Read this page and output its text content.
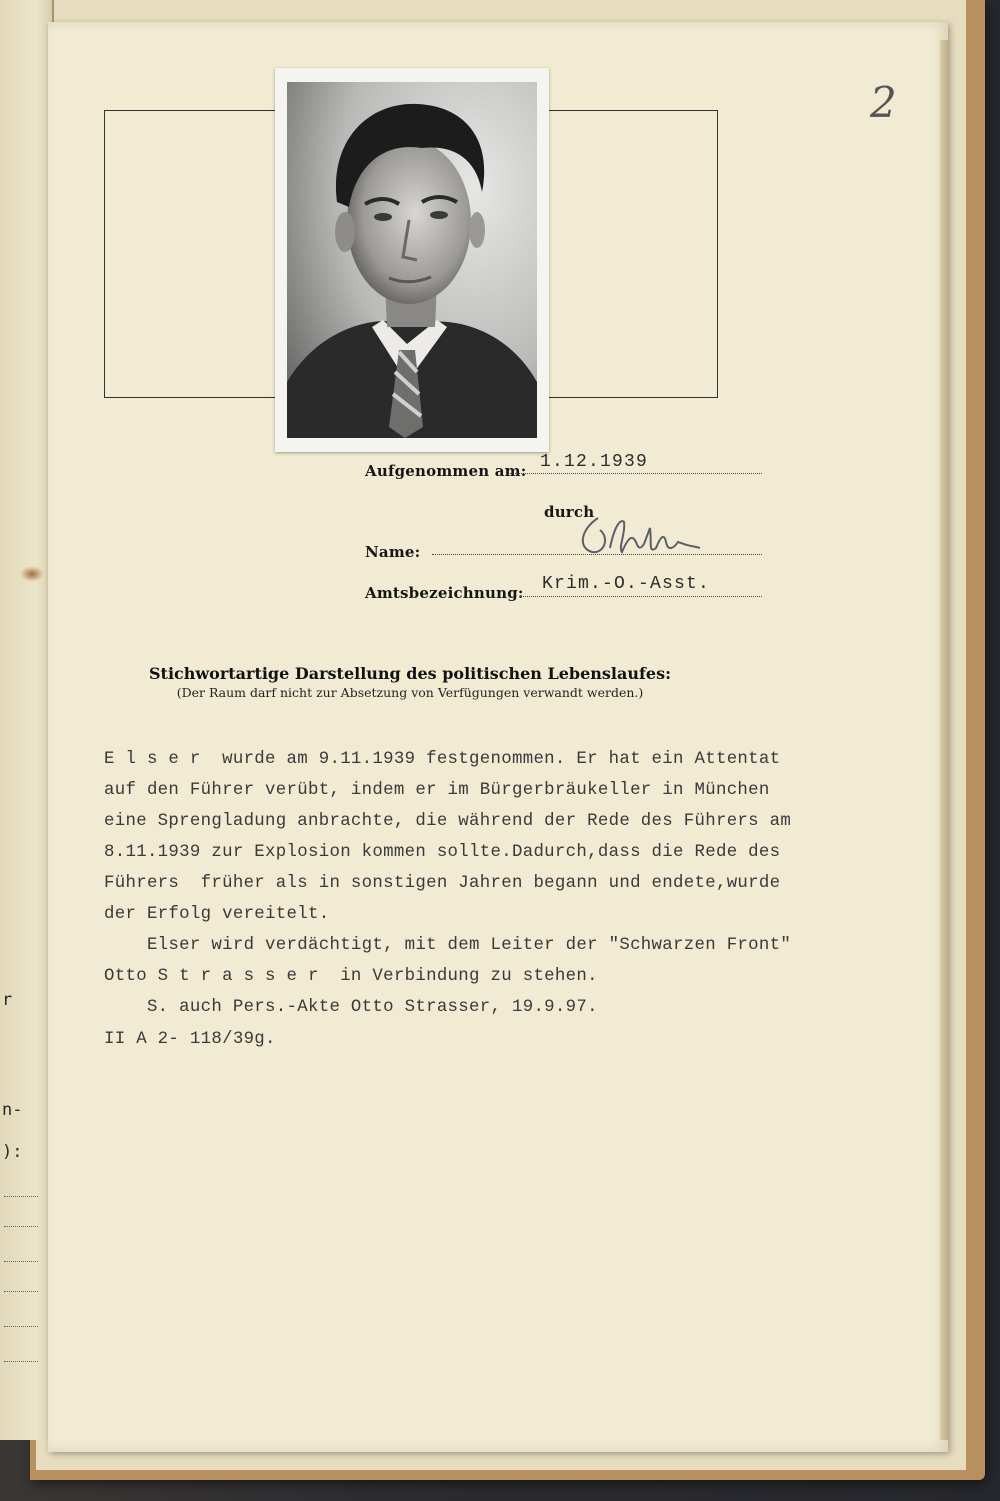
r
n-
):
2
Aufgenommen am: 1.12.1939
durch
Name:
Amtsbezeichnung: Krim.-O.-Asst.
Stichwortartige Darstellung des politischen Lebenslaufes:
(Der Raum darf nicht zur Absetzung von Verfügungen verwandt werden.)
E l s e r  wurde am 9.11.1939 festgenommen. Er hat ein Attentat
auf den Führer verübt, indem er im Bürgerbräukeller in München
eine Sprengladung anbrachte, die während der Rede des Führers am
8.11.1939 zur Explosion kommen sollte.Dadurch,dass die Rede des
Führers  früher als in sonstigen Jahren begann und endete,wurde
der Erfolg vereitelt.
Elser wird verdächtigt, mit dem Leiter der "Schwarzen Front"
Otto S t r a s s e r  in Verbindung zu stehen.
S. auch Pers.-Akte Otto Strasser, 19.9.97.
II A 2- 118/39g.
